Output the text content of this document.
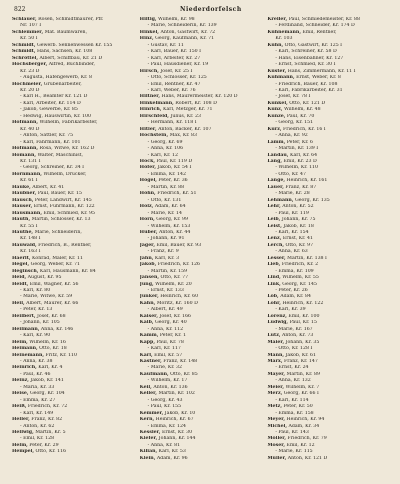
822	Niederdorfelsch
Schlauer, Rosen, Schmidtmaurer, Pfr.
Nr. 107 I
Schlemmer, Mat. Baumwaren,
Kr. 50 I
Schmidt, Gewerb. Sennenwessen Kr. 155
Schmidt, Hans, Sachsen, Kr. 108
Schröttel, Albert, Schiffbau, Kr. 21 D
Hochsberger, Alfred, Buchbinder,
Kr. 23 D
- Augusta, Hafengewerb, Kr. 8
Hochmeier, Grubenarbeiter,
Kr. 20 D
- Karl H., Beamter Kr. 121 D
- Karl, Arbeiter, Kr. 114 D
- Jakob, Gewerbe, Kr. 85
- Hedwig, Hauswirtin, Kr. 100
Hofmann, Wilhelm, Fabrikarbeiter,
Kr. 40 D
- Anton, Sattler, Kr. 75
- Karl, Fahrmann, Kr. 101
Hofmann, Rosa, Witwe, Kr. 162 D
Homann, Walter, Maschinist,
Kr. 131 I
- Georg, Schreiner, Kr. 34 I
Hornmann, Wilhelm, Drucker,
Kr. 61 I
Hauke, Albert, Kr. 41
Haubner, Paul, Bauer, Kr. 15
Hausch, Peter, Landwirt, Kr. 145
Hauser, Ernst, Fuhrmann, Kr. 122
Hausmann, Emil, Schmied, Kr. 95
Hauth, Martin, Schlosser, Kr. 13
Kr. 55 I
Hauthe, Marie, Schneiderin,
Kr. 148 I
Hauwald, Friedrich, B., Rentner,
Kr. 163 I
Haerlt, Konrad, Maler, Kr. 11
Hegel, Georg, Weber, Kr. 71
Heginsch, Karl, Hausmann, Kr. 84
Heid, August, Kr. 95
Heidt, Emil, Wagner, Kr. 56
- Karl, Kr. 80
- Marie, Witwe, Kr. 59
Heil, Albert, Maurer, Kr. 66
- Peter, Kr. 13
Heilbert, Josef, Kr. 68
- Johann, Kr. 105
Heilmann, Anna, Kr. 146
- Karl, Kr. 90
Heim, Wilhelm, Kr. 16
Heimann, Otto, Kr. 18
Heinemann, Fritz, Kr. 110
- Anna, Kr. 38
Heinrich, Karl, Kr. 4
- Paul, Kr. 46
Heinz, Jakob, Kr. 141
- Maria, Kr. 33
Heise, Georg, Kr. 104
- Emma, Kr. 27
Heiß, Friedrich, Kr. 72
- Karl, Kr. 149
Heller, Franz, Kr. 82
- Anton, Kr. 62
Hellwig, Martin, Kr. 5
- Emil, Kr. 128
Helm, Peter, Kr. 29
Hempel, Otto, Kr. 116
Hiltig, Wilhelm, Kr. 98
- Marie, Schneiderin, Kr. 139
Hinkel, Anton, Gastwirt, Kr. 72
Hinz, Georg, Kaufmann, Kr. 71
- Gustav, Kr. 11
- Karl, Bauer, Kr. 150 I
- Karl, Arbeiter, Kr. 27
- Paul, Hausdiener, Kr. 19
Hirsch, Josef, Kr. 25 I
- Otto, Schlosser, Kr. 125
- Emil, Rentner, Kr. 47
- Karl, Weber, Kr. 76
Hiltner, Hans, Maurermeister, Kr. 120 D
Hinkelmann, Robert, Kr. 108 D
Hinrich, Karl, Metzger, Kr. 71
Hirschfeld, Julius, Kr. 23
- Hermann, Kr. 118 I
Hitler, Anton, Bäcker, Kr. 107
Hochstein, Max, Kr. 83
- Georg, Kr. 69
- Anna, Kr. 106
- Karl, Kr. 12
Hock, Paul, Kr. 119 D
Höfer, Jakob, Kr. 54 I
- Emma, Kr. 142
Högel, Peter, Kr. 36
- Martin, Kr. 88
Höhn, Friedrich, Kr. 51
- Otto, Kr. 131
Holz, Adam, Kr. 64
- Marie, Kr. 14
Horn, Georg, Kr. 99
- Wilhelm, Kr. 153
Huber, Anton, Kr. 44
- Johann, Kr. 91
Jäger, Emil, Bauer, Kr. 93
- Franz, Kr. 9
Jahn, Karl, Kr. 3
Jakob, Friedrich, Kr. 126
- Martin, Kr. 159
Jansen, Otto, Kr. 77
Jung, Wilhelm, Kr. 20
- Ernst, Kr. 133
Junker, Heinrich, Kr. 60
Kahn, Moritz, Kr. 160 D
- Albert, Kr. 49
Kaiser, Josef, Kr. 166
Kalb, Georg, Kr. 40
- Anna, Kr. 112
Kamm, Peter, Kr. 1
Kapp, Paul, Kr. 78
- Karl, Kr. 117
Karl, Emil, Kr. 57
Kastner, Franz, Kr. 148
- Marie, Kr. 32
Kaufmann, Otto, Kr. 85
- Wilhelm, Kr. 17
Keil, Anton, Kr. 136
Keller, Martin, Kr. 102
- Georg, Kr. 43
- Paul, Kr. 155
Kemmer, Jakob, Kr. 10
Kern, Heinrich, Kr. 67
- Emma, Kr. 124
Kessler, Ernst, Kr. 30
Kiefer, Johann, Kr. 144
- Anna, Kr. 81
Kilian, Karl, Kr. 53
Klein, Adam, Kr. 96
Kreller, Paul, Schmiedemeister, Kr. 88
- Ferdinand, Schneider, Kr. 174 D
Kühnemann, Emil, Rentner,
Kr. 103
Kühn, Otto, Gastwirt, Kr. 125 I
- Karl, Schreiner, Kr. 58 D
- Hans, Eisenbahner, Kr. 127
- Ernst, Schmied, Kr. 30 I
Küster, Hans, Zimmermann, Kr. 11 I
Kuhmann, Ernst, Weber, Kr. 8
- Friedrich, Bauer, Kr. 108
- Karl, Fabrikarbeiter, Kr. 31
- Josef, Kr. 78 I
Kunkel, Otto, Kr. 121 D
Kunz, Wilhelm, Kr. 48
Kunze, Paul, Kr. 70
- Georg, Kr. 151
Kurz, Friedrich, Kr. 16 I
- Anna, Kr. 92
Lamm, Peter, Kr. 6
- Martin, Kr. 139 I
Landau, Karl, Kr. 64
Lang, Emil, Kr. 23 D
- Wilhelm, Kr. 110
- Otto, Kr. 47
Lange, Heinrich, Kr. 161
Lauer, Franz, Kr. 87
- Marie, Kr. 28
Lehmann, Georg, Kr. 135
Lehr, Anton, Kr. 52
- Paul, Kr. 119
Leib, Johann, Kr. 75
Leist, Jakob, Kr. 18
- Karl, Kr. 154
Lenz, Ernst, Kr. 41
Lerch, Otto, Kr. 97
- Anna, Kr. 63
Lesser, Martin, Kr. 138 I
Lieb, Friedrich, Kr. 2
- Emma, Kr. 109
Lind, Wilhelm, Kr. 55
Link, Georg, Kr. 145
- Peter, Kr. 26
Löb, Adam, Kr. 84
Lohr, Heinrich, Kr. 122
- Karl, Kr. 39
Lorenz, Emil, Kr. 100
Ludwig, Paul, Kr. 15
- Marie, Kr. 167
Lutz, Anton, Kr. 73
Maier, Johann, Kr. 35
- Otto, Kr. 128 I
Mann, Jakob, Kr. 61
Marx, Franz, Kr. 147
- Ernst, Kr. 24
Mayer, Martin, Kr. 89
- Anna, Kr. 132
Meier, Wilhelm, Kr. 7
Merz, Georg, Kr. 66 I
- Karl, Kr. 114
Metz, Peter, Kr. 50
- Emma, Kr. 158
Meyer, Heinrich, Kr. 94
Michel, Adam, Kr. 34
- Paul, Kr. 143
Möller, Friedrich, Kr. 79
Moser, Emil, Kr. 12
- Marie, Kr. 115
Müller, Anton, Kr. 121 D
